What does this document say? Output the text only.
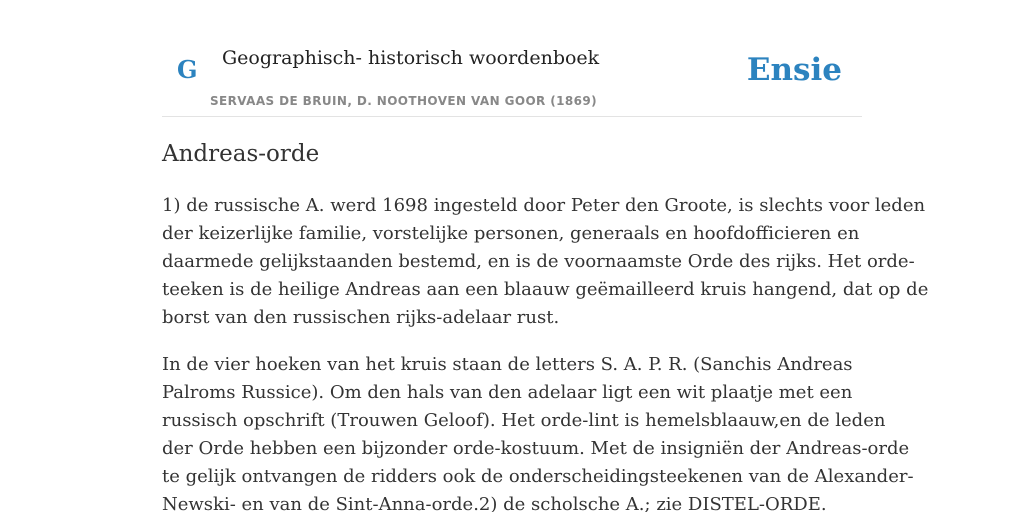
G Geographisch- historisch woordenboek
SERVAAS DE BRUIN, D. NOOTHOVEN VAN GOOR (1869)
Ensie
Andreas-orde

1) de russische A. werd 1698 ingesteld door Peter den Groote, is slechts voor leden
der keizerlijke familie, vorstelijke personen, generaals en hoofdofficieren en
daarmede gelijkstaanden bestemd, en is de voornaamste Orde des rijks. Het orde-
teeken is de heilige Andreas aan een blaauw geëmailleerd kruis hangend, dat op de
borst van den russischen rijks-adelaar rust.

In de vier hoeken van het kruis staan de letters S. A. P. R. (Sanchis Andreas
Palroms Russice). Om den hals van den adelaar ligt een wit plaatje met een
russisch opschrift (Trouwen Geloof). Het orde-lint is hemelsblaauw,en de leden
der Orde hebben een bijzonder orde-kostuum. Met de insigniën der Andreas-orde
te gelijk ontvangen de ridders ook de onderscheidingsteekenen van de Alexander-
Newski- en van de Sint-Anna-orde.2) de scholsche A.; zie DISTEL-ORDE.
